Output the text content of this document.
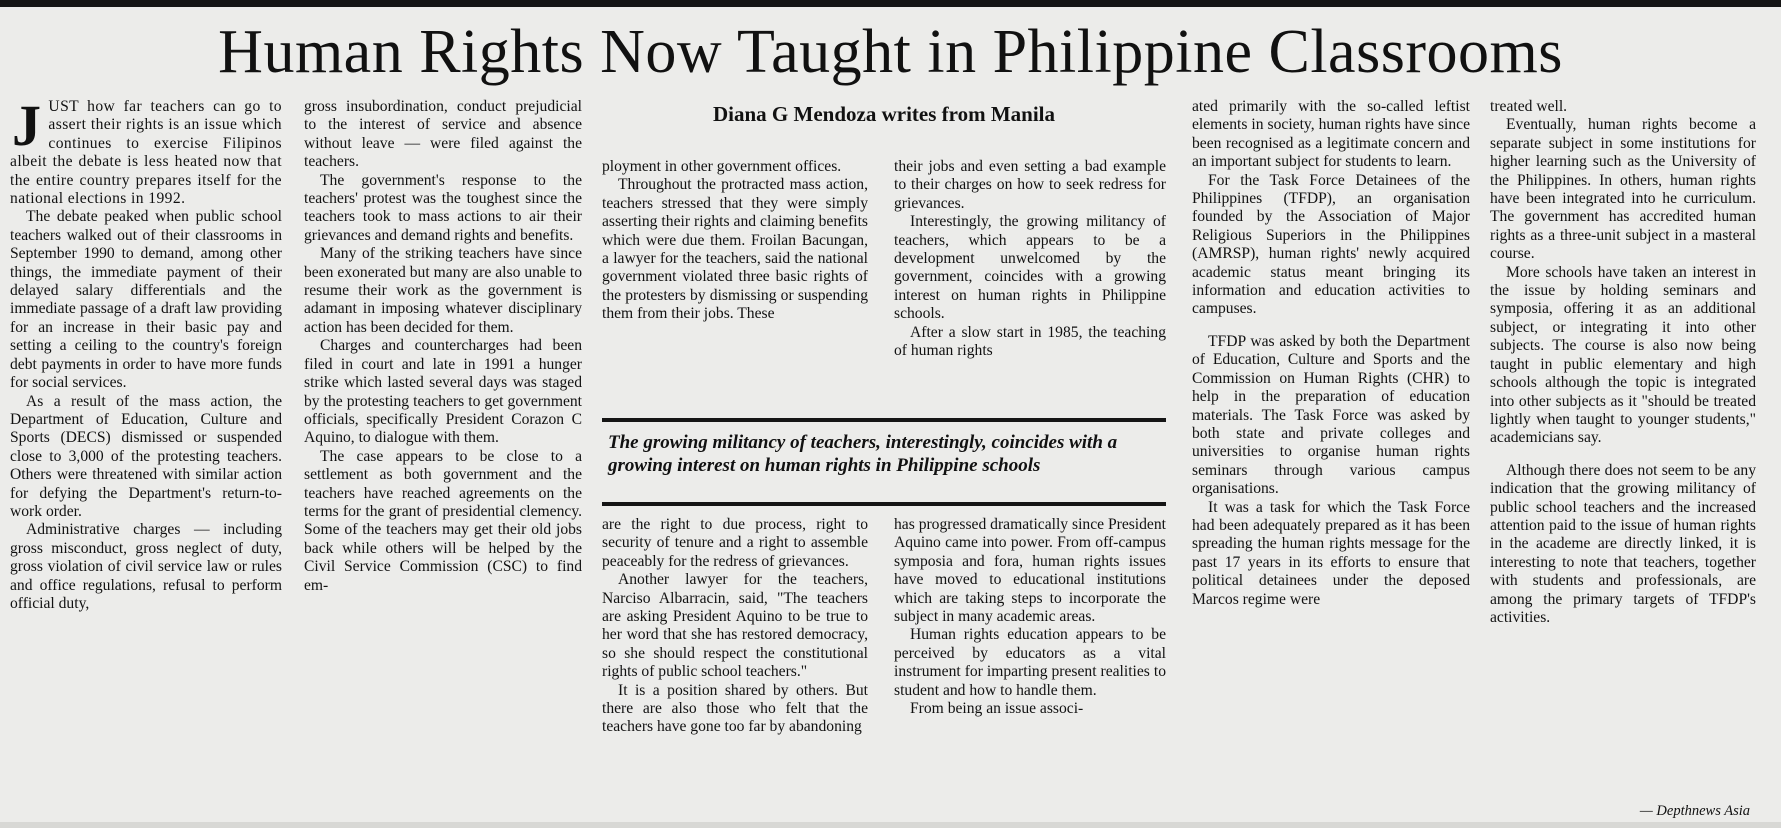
Human Rights Now Taught in Philippine Classrooms

JUST how far teachers can go to assert their rights is an issue which continues to exercise Filipinos albeit the debate is less heated now that the entire country prepares itself for the national elections in 1992.

The debate peaked when public school teachers walked out of their classrooms in September 1990 to demand, among other things, the immediate payment of their delayed salary differentials and the immediate passage of a draft law providing for an increase in their basic pay and setting a ceiling to the country's foreign debt payments in order to have more funds for social services.

As a result of the mass action, the Department of Education, Culture and Sports (DECS) dismissed or suspended close to 3,000 of the protesting teachers. Others were threatened with similar action for defying the Department's return-to-work order.

Administrative charges — including gross misconduct, gross neglect of duty, gross violation of civil service law or rules and office regulations, refusal to perform official duty,

gross insubordination, conduct prejudicial to the interest of service and absence without leave — were filed against the teachers.

The government's response to the teachers' protest was the toughest since the teachers took to mass actions to air their grievances and demand rights and benefits.

Many of the striking teachers have since been exonerated but many are also unable to resume their work as the government is adamant in imposing whatever disciplinary action has been decided for them.

Charges and countercharges had been filed in court and late in 1991 a hunger strike which lasted several days was staged by the protesting teachers to get government officials, specifically President Corazon C Aquino, to dialogue with them.

The case appears to be close to a settlement as both government and the teachers have reached agreements on the terms for the grant of presidential clemency. Some of the teachers may get their old jobs back while others will be helped by the Civil Service Commission (CSC) to find em-

Diana G Mendoza writes from Manila

ployment in other government offices.

Throughout the protracted mass action, teachers stressed that they were simply asserting their rights and claiming benefits which were due them. Froilan Bacungan, a lawyer for the teachers, said the national government violated three basic rights of the protesters by dismissing or suspending them from their jobs. These

their jobs and even setting a bad example to their charges on how to seek redress for grievances.

Interestingly, the growing militancy of teachers, which appears to be a development unwelcomed by the government, coincides with a growing interest on human rights in Philippine schools.

After a slow start in 1985, the teaching of human rights

The growing militancy of teachers, interestingly, coincides with a growing interest on human rights in Philippine schools

are the right to due process, right to security of tenure and a right to assemble peaceably for the redress of grievances.

Another lawyer for the teachers, Narciso Albarracin, said, "The teachers are asking President Aquino to be true to her word that she has restored democracy, so she should respect the constitutional rights of public school teachers."

It is a position shared by others. But there are also those who felt that the teachers have gone too far by abandoning

has progressed dramatically since President Aquino came into power. From off-campus symposia and fora, human rights issues have moved to educational institutions which are taking steps to incorporate the subject in many academic areas.

Human rights education appears to be perceived by educators as a vital instrument for imparting present realities to student and how to handle them.

From being an issue associ-

ated primarily with the so-called leftist elements in society, human rights have since been recognised as a legitimate concern and an important subject for students to learn.

For the Task Force Detainees of the Philippines (TFDP), an organisation founded by the Association of Major Religious Superiors in the Philippines (AMRSP), human rights' newly acquired academic status meant bringing its information and education activities to campuses.

TFDP was asked by both the Department of Education, Culture and Sports and the Commission on Human Rights (CHR) to help in the preparation of education materials. The Task Force was asked by both state and private colleges and universities to organise human rights seminars through various campus organisations.

It was a task for which the Task Force had been adequately prepared as it has been spreading the human rights message for the past 17 years in its efforts to ensure that political detainees under the deposed Marcos regime were

treated well.

Eventually, human rights become a separate subject in some institutions for higher learning such as the University of the Philippines. In others, human rights have been integrated into he curriculum. The government has accredited human rights as a three-unit subject in a masteral course.

More schools have taken an interest in the issue by holding seminars and symposia, offering it as an additional subject, or integrating it into other subjects. The course is also now being taught in public elementary and high schools although the topic is integrated into other subjects as it "should be treated lightly when taught to younger students," academicians say.

Although there does not seem to be any indication that the growing militancy of public school teachers and the increased attention paid to the issue of human rights in the academe are directly linked, it is interesting to note that teachers, together with students and professionals, are among the primary targets of TFDP's activities.

— Depthnews Asia
